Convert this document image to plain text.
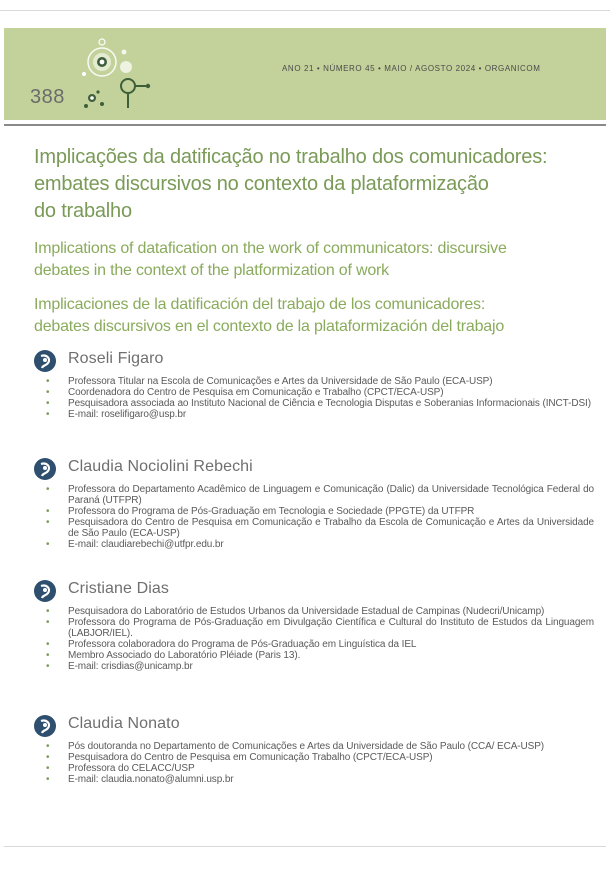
388
ANO 21 • NÚMERO 45 • MAIO / AGOSTO 2024 • ORGANICOM
Implicações da datificação no trabalho dos comunicadores:
embates discursivos no contexto da plataformização
do trabalho
Implications of datafication on the work of communicators: discursive
debates in the context of the platformization of work
Implicaciones de la datificación del trabajo de los comunicadores:
debates discursivos en el contexto de la plataformización del trabajo
Roseli Figaro
• Professora Titular na Escola de Comunicações e Artes da Universidade de São Paulo (ECA-USP)
• Coordenadora do Centro de Pesquisa em Comunicação e Trabalho (CPCT/ECA-USP)
• Pesquisadora associada ao Instituto Nacional de Ciência e Tecnologia Disputas e Soberanias Informacionais (INCT-DSI)
• E-mail: roselifigaro@usp.br
Claudia Nociolini Rebechi
• Professora do Departamento Acadêmico de Linguagem e Comunicação (Dalic) da Universidade Tecnológica Federal do Paraná (UTFPR)
• Professora do Programa de Pós-Graduação em Tecnologia e Sociedade (PPGTE) da UTFPR
• Pesquisadora do Centro de Pesquisa em Comunicação e Trabalho da Escola de Comunicação e Artes da Universidade de São Paulo (ECA-USP)
• E-mail: claudiarebechi@utfpr.edu.br
Cristiane Dias
• Pesquisadora do Laboratório de Estudos Urbanos da Universidade Estadual de Campinas (Nudecri/Unicamp)
• Professora do Programa de Pós-Graduação em Divulgação Científica e Cultural do Instituto de Estudos da Linguagem (LABJOR/IEL).
• Professora colaboradora do Programa de Pós-Graduação em Linguística da IEL
• Membro Associado do Laboratório Pléiade (Paris 13).
• E-mail: crisdias@unicamp.br
Claudia Nonato
• Pós doutoranda no Departamento de Comunicações e Artes da Universidade de São Paulo (CCA/ ECA-USP)
• Pesquisadora do Centro de Pesquisa em Comunicação Trabalho (CPCT/ECA-USP)
• Professora do CELACC/USP
• E-mail: claudia.nonato@alumni.usp.br
